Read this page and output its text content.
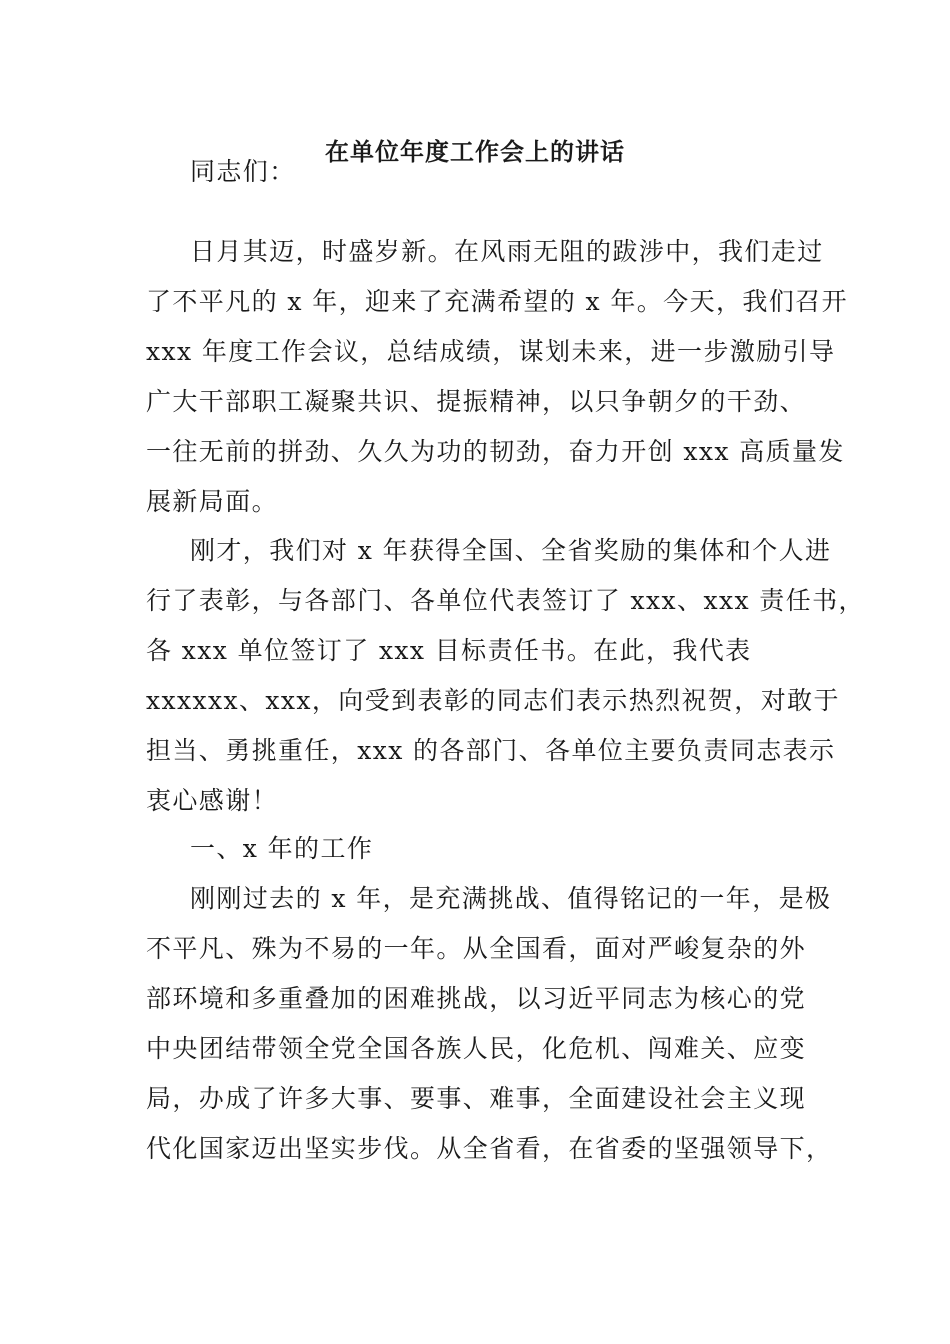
在单位年度工作会上的讲话
同志们：
日月其迈，时盛岁新。在风雨无阻的跋涉中，我们走过
了不平凡的 x 年，迎来了充满希望的 x 年。今天，我们召开
xxx 年度工作会议，总结成绩，谋划未来，进一步激励引导
广大干部职工凝聚共识、提振精神，以只争朝夕的干劲、
一往无前的拼劲、久久为功的韧劲，奋力开创 xxx 高质量发
展新局面。
刚才，我们对 x 年获得全国、全省奖励的集体和个人进
行了表彰，与各部门、各单位代表签订了 xxx、xxx 责任书，
各 xxx 单位签订了 xxx 目标责任书。在此，我代表
xxxxxx、xxx，向受到表彰的同志们表示热烈祝贺，对敢于
担当、勇挑重任，xxx 的各部门、各单位主要负责同志表示
衷心感谢！
一、x 年的工作
刚刚过去的 x 年，是充满挑战、值得铭记的一年，是极
不平凡、殊为不易的一年。从全国看，面对严峻复杂的外
部环境和多重叠加的困难挑战，以习近平同志为核心的党
中央团结带领全党全国各族人民，化危机、闯难关、应变
局，办成了许多大事、要事、难事，全面建设社会主义现
代化国家迈出坚实步伐。从全省看，在省委的坚强领导下，
